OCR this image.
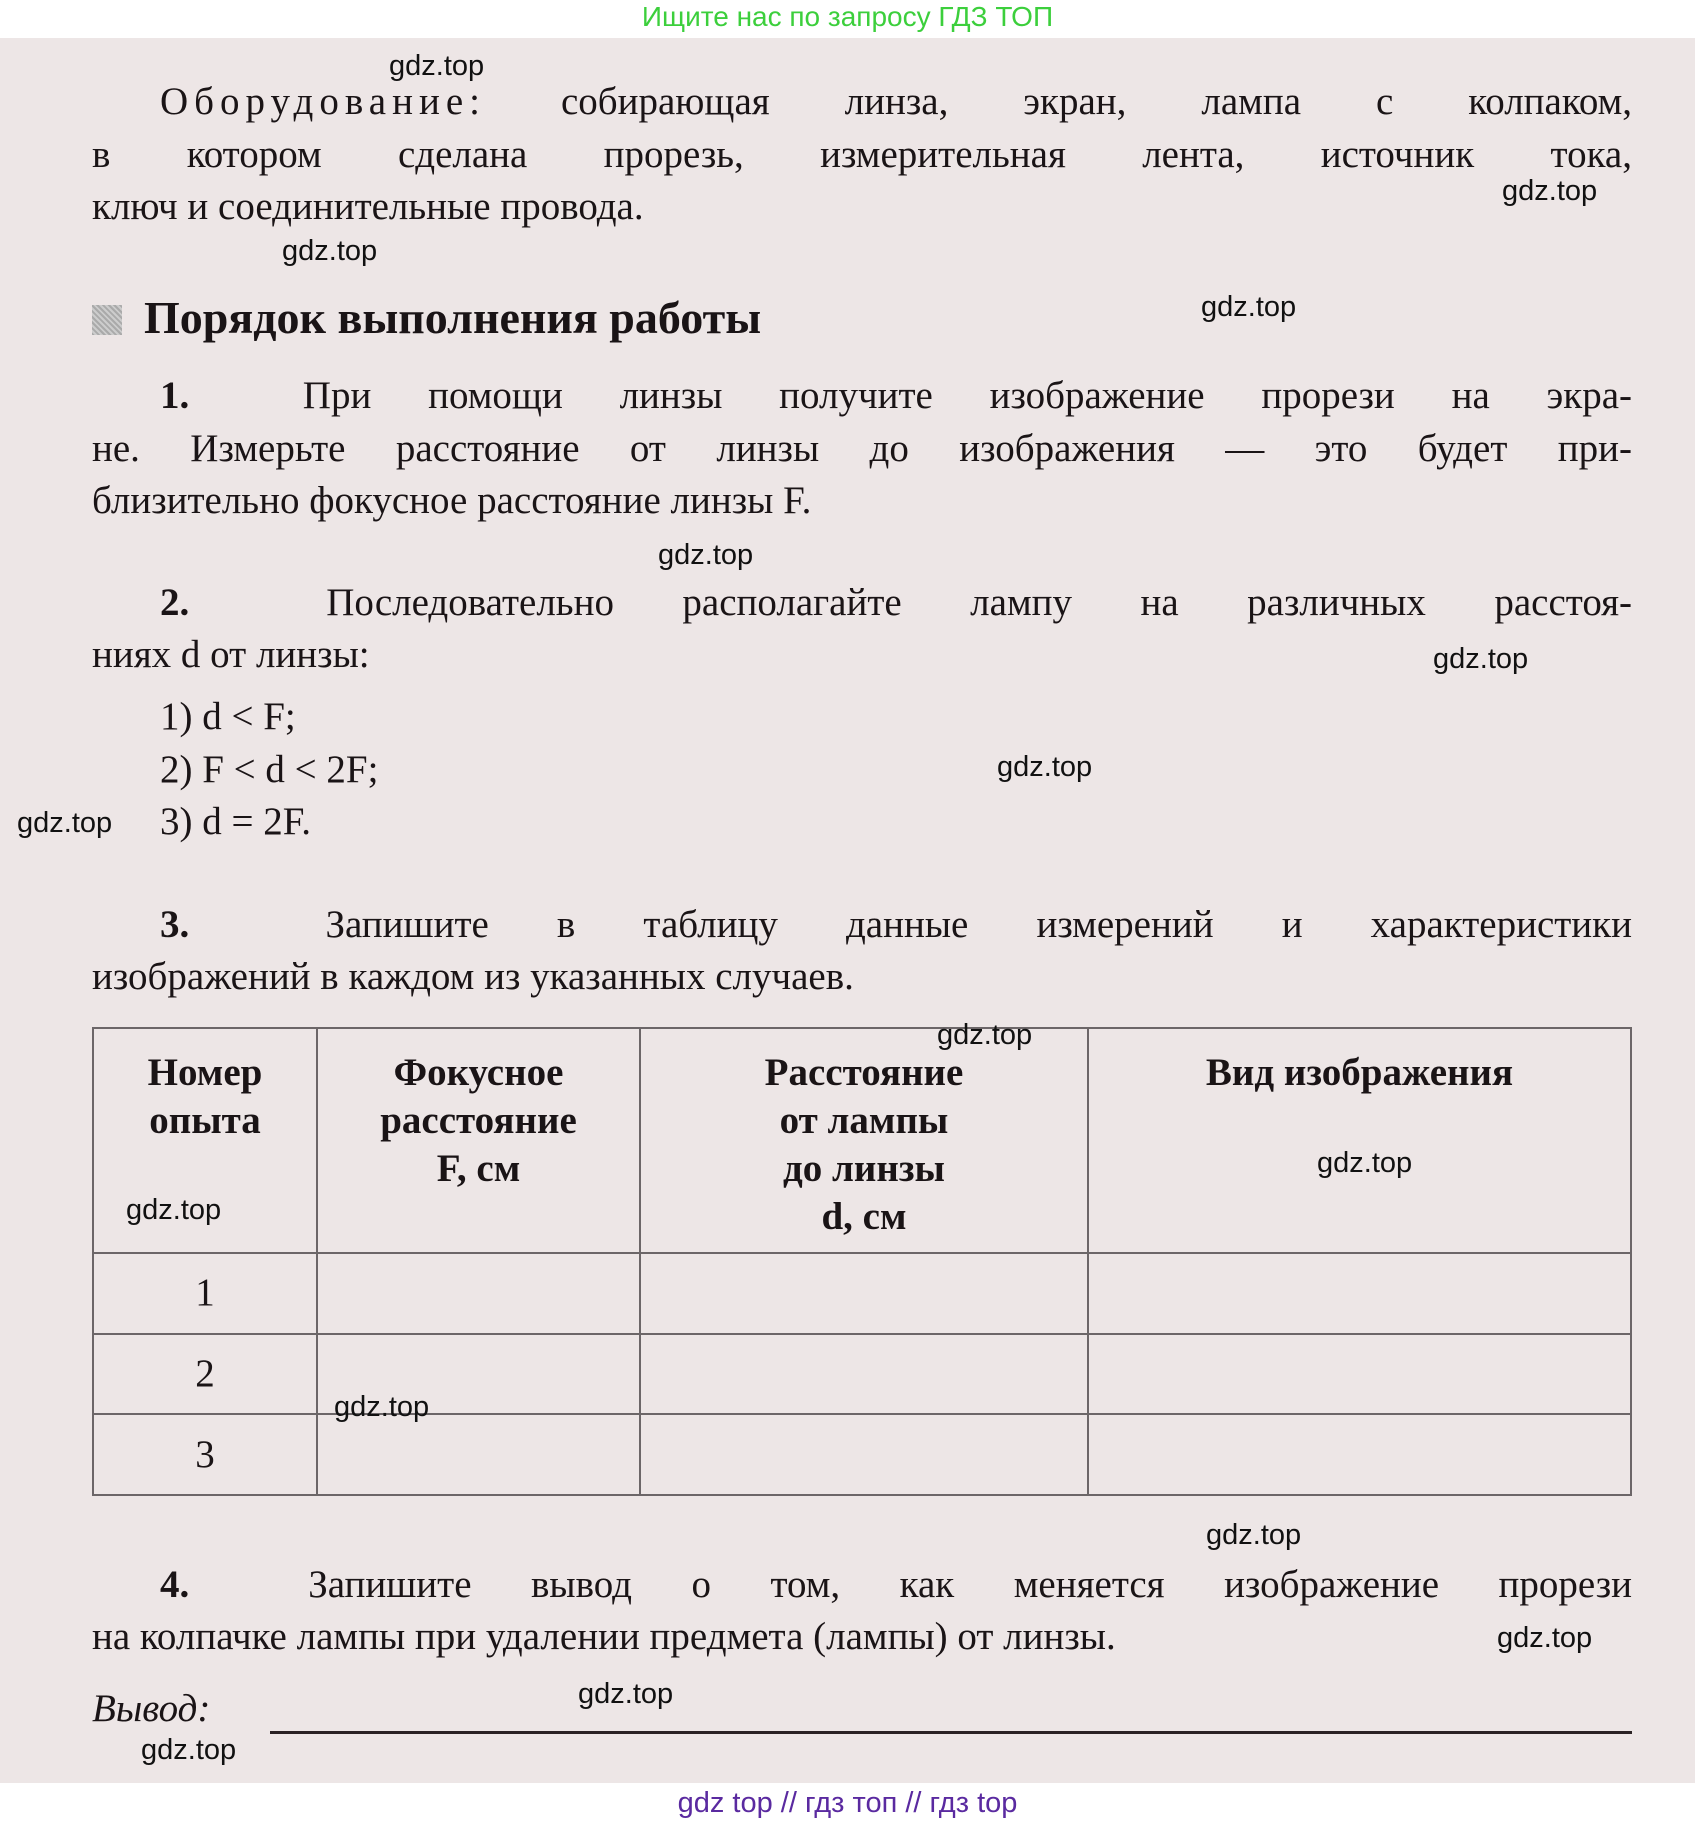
Ищите нас по запросу ГДЗ ТОП
Оборудование: собирающая линза, экран, лампа с колпаком,
в котором сделана прорезь, измерительная лента, источник тока,
ключ и соединительные провода.
Порядок выполнения работы
1.	При помощи линзы получите изображение прорези на экра-
не. Измерьте расстояние от линзы до изображения — это будет при-
близительно фокусное расстояние линзы F.
2.	Последовательно располагайте лампу на различных расстоя-
ниях d от линзы:
1) d < F;
2) F < d < 2F;
3) d = 2F.
3.	Запишите в таблицу данные измерений и характеристики
изображений в каждом из указанных случаев.
Номер
опыта	Фокусное
расстояние
F, см	Расстояние
от лампы
до линзы
d, см	Вид изображения
1			
2			
3			
4.	Запишите вывод о том, как меняется изображение прорези
на колпачке лампы при удалении предмета (лампы) от линзы.
Вывод:
gdz.top
gdz.top
gdz.top
gdz.top
gdz.top
gdz.top
gdz.top
gdz.top
gdz.top
gdz.top
gdz.top
gdz.top
gdz.top
gdz.top
gdz.top
gdz.top
gdz top // гдз топ // гдз top
